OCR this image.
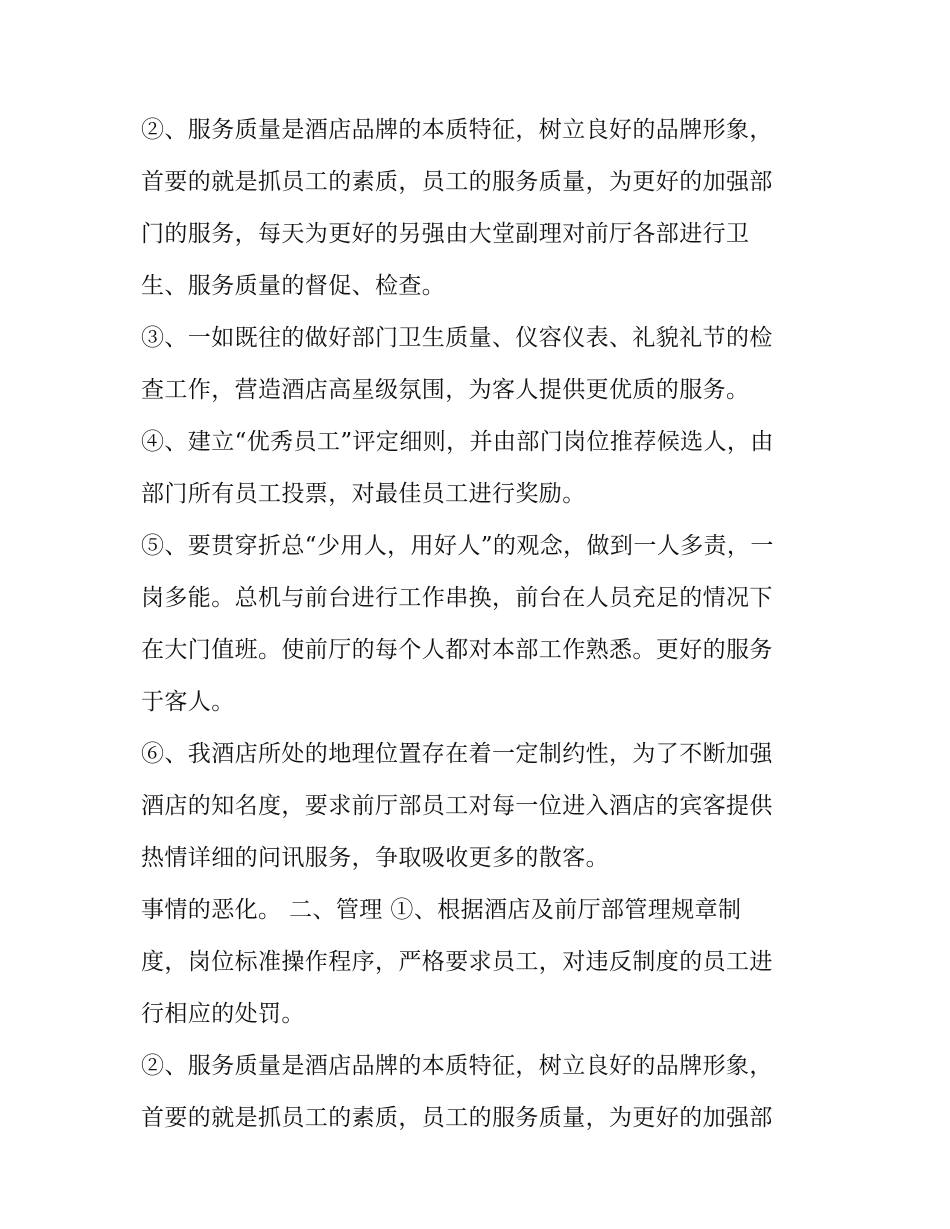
②、服务质量是酒店品牌的本质特征，树立良好的品牌形象，
首要的就是抓员工的素质，员工的服务质量，为更好的加强部
门的服务，每天为更好的另强由大堂副理对前厅各部进行卫
生、服务质量的督促、检查。
③、一如既往的做好部门卫生质量、仪容仪表、礼貌礼节的检
查工作，营造酒店高星级氛围，为客人提供更优质的服务。
④、建立“优秀员工”评定细则，并由部门岗位推荐候选人，由
部门所有员工投票，对最佳员工进行奖励。
⑤、要贯穿折总“少用人，用好人”的观念，做到一人多责，一
岗多能。总机与前台进行工作串换，前台在人员充足的情况下
在大门值班。使前厅的每个人都对本部工作熟悉。更好的服务
于客人。
⑥、我酒店所处的地理位置存在着一定制约性，为了不断加强
酒店的知名度，要求前厅部员工对每一位进入酒店的宾客提供
热情详细的问讯服务，争取吸收更多的散客。
事情的恶化。 二、管理 ①、根据酒店及前厅部管理规章制
度，岗位标准操作程序，严格要求员工，对违反制度的员工进
行相应的处罚。
②、服务质量是酒店品牌的本质特征，树立良好的品牌形象，
首要的就是抓员工的素质，员工的服务质量，为更好的加强部
